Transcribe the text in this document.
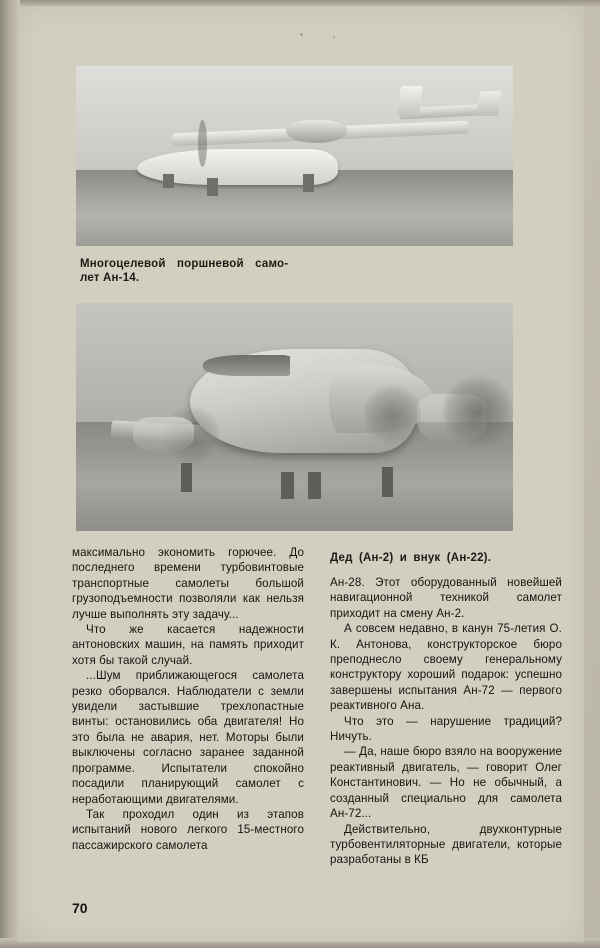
Многоцелевой поршневой само-
лет Ан-14.
Дед (Ан-2) и внук (Ан-22).

максимально экономить горючее. До последнего времени турбовинтовые транспортные самолеты большой грузоподъемности позволяли как нельзя лучше выполнять эту задачу...

Что же касается надежности антоновских машин, на память приходит хотя бы такой случай.

...Шум приближающегося самолета резко оборвался. Наблюдатели с земли увидели застывшие трехлопастные винты: остановились оба двигателя! Но это была не авария, нет. Моторы были выключены согласно заранее заданной программе. Испытатели спокойно посадили планирующий самолет с неработающими двигателями.

Так проходил один из этапов испытаний нового легкого 15-местного пассажирского самолета

Ан-28. Этот оборудованный новейшей навигационной техникой самолет приходит на смену Ан-2.

А совсем недавно, в канун 75-летия О. К. Антонова, конструкторское бюро преподнесло своему генеральному конструктору хороший подарок: успешно завершены испытания Ан-72 — первого реактивного Ана.

Что это — нарушение традиций? Ничуть.

— Да, наше бюро взяло на вооружение реактивный двигатель, — говорит Олег Константинович. — Но не обычный, а созданный специально для самолета Ан-72...

Действительно, двухконтурные турбовентиляторные двигатели, которые разработаны в КБ

70
